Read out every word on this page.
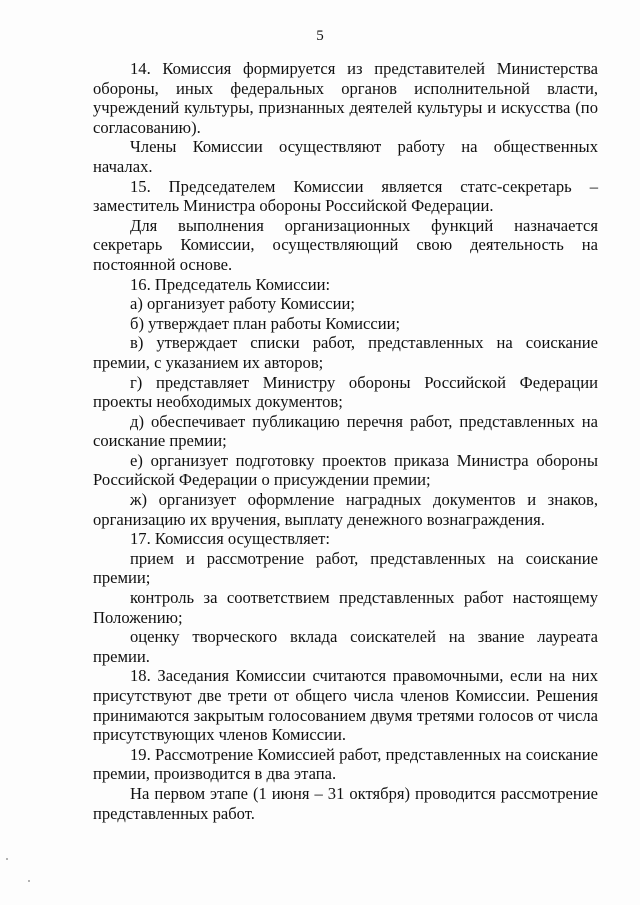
5

14. Комиссия формируется из представителей Министерства обороны, иных федеральных органов исполнительной власти, учреждений культуры, признанных деятелей культуры и искусства (по согласованию).

Члены Комиссии осуществляют работу на общественных началах.

15. Председателем Комиссии является статс-секретарь – заместитель Министра обороны Российской Федерации.

Для выполнения организационных функций назначается секретарь Комиссии, осуществляющий свою деятельность на постоянной основе.

16. Председатель Комиссии:

а) организует работу Комиссии;

б) утверждает план работы Комиссии;

в) утверждает списки работ, представленных на соискание премии, с указанием их авторов;

г) представляет Министру обороны Российской Федерации проекты необходимых документов;

д) обеспечивает публикацию перечня работ, представленных на соискание премии;

е) организует подготовку проектов приказа Министра обороны Российской Федерации о присуждении премии;

ж) организует оформление наградных документов и знаков, организацию их вручения, выплату денежного вознаграждения.

17. Комиссия осуществляет:

прием и рассмотрение работ, представленных на соискание премии;

контроль за соответствием представленных работ настоящему Положению;

оценку творческого вклада соискателей на звание лауреата премии.

18. Заседания Комиссии считаются правомочными, если на них присутствуют две трети от общего числа членов Комиссии. Решения принимаются закрытым голосованием двумя третями голосов от числа присутствующих членов Комиссии.

19. Рассмотрение Комиссией работ, представленных на соискание премии, производится в два этапа.

На первом этапе (1 июня – 31 октября) проводится рассмотрение представленных работ.
